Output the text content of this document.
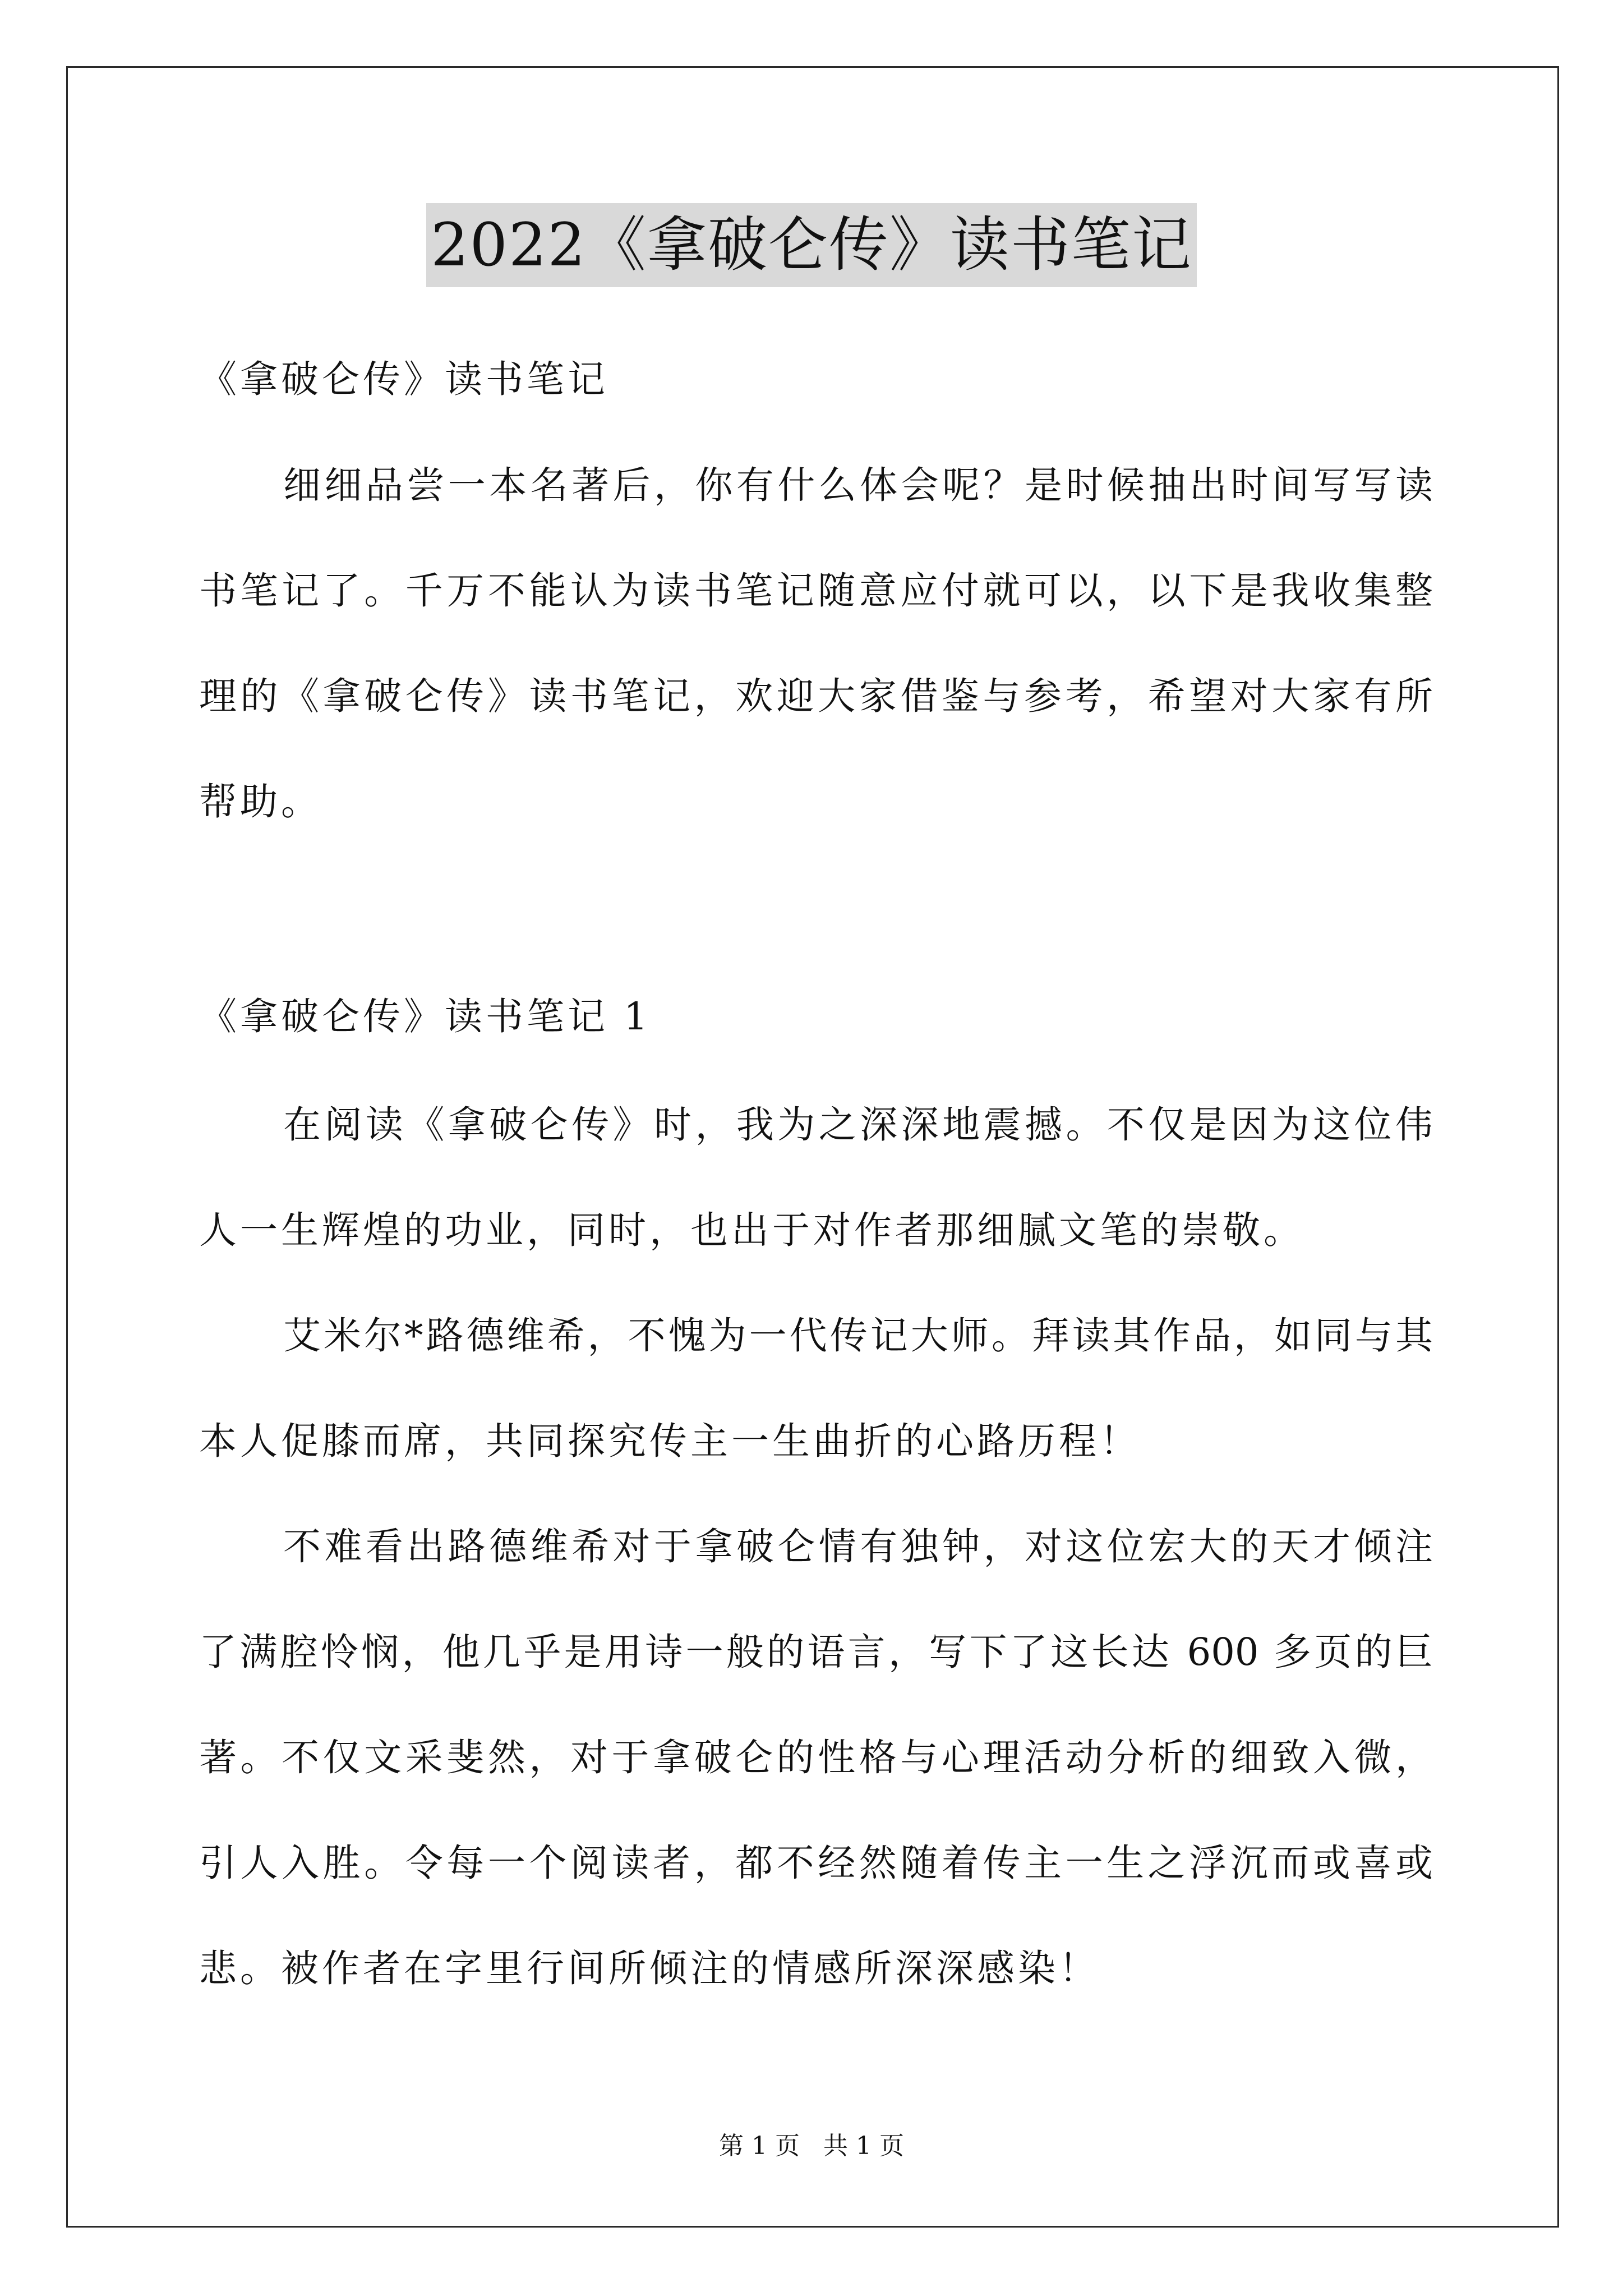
2022《拿破仑传》读书笔记
《拿破仑传》读书笔记
细细品尝一本名著后，你有什么体会呢？是时候抽出时间写写读
书笔记了。千万不能认为读书笔记随意应付就可以，以下是我收集整
理的《拿破仑传》读书笔记，欢迎大家借鉴与参考，希望对大家有所
帮助。
《拿破仑传》读书笔记 1
在阅读《拿破仑传》时，我为之深深地震撼。不仅是因为这位伟
人一生辉煌的功业，同时，也出于对作者那细腻文笔的崇敬。
艾米尔*路德维希，不愧为一代传记大师。拜读其作品，如同与其
本人促膝而席，共同探究传主一生曲折的心路历程！
不难看出路德维希对于拿破仑情有独钟，对这位宏大的天才倾注
了满腔怜悯，他几乎是用诗一般的语言，写下了这长达 600 多页的巨
著。不仅文采斐然，对于拿破仑的性格与心理活动分析的细致入微，
引人入胜。令每一个阅读者，都不经然随着传主一生之浮沉而或喜或
悲。被作者在字里行间所倾注的情感所深深感染！
第 1 页   共 1 页
